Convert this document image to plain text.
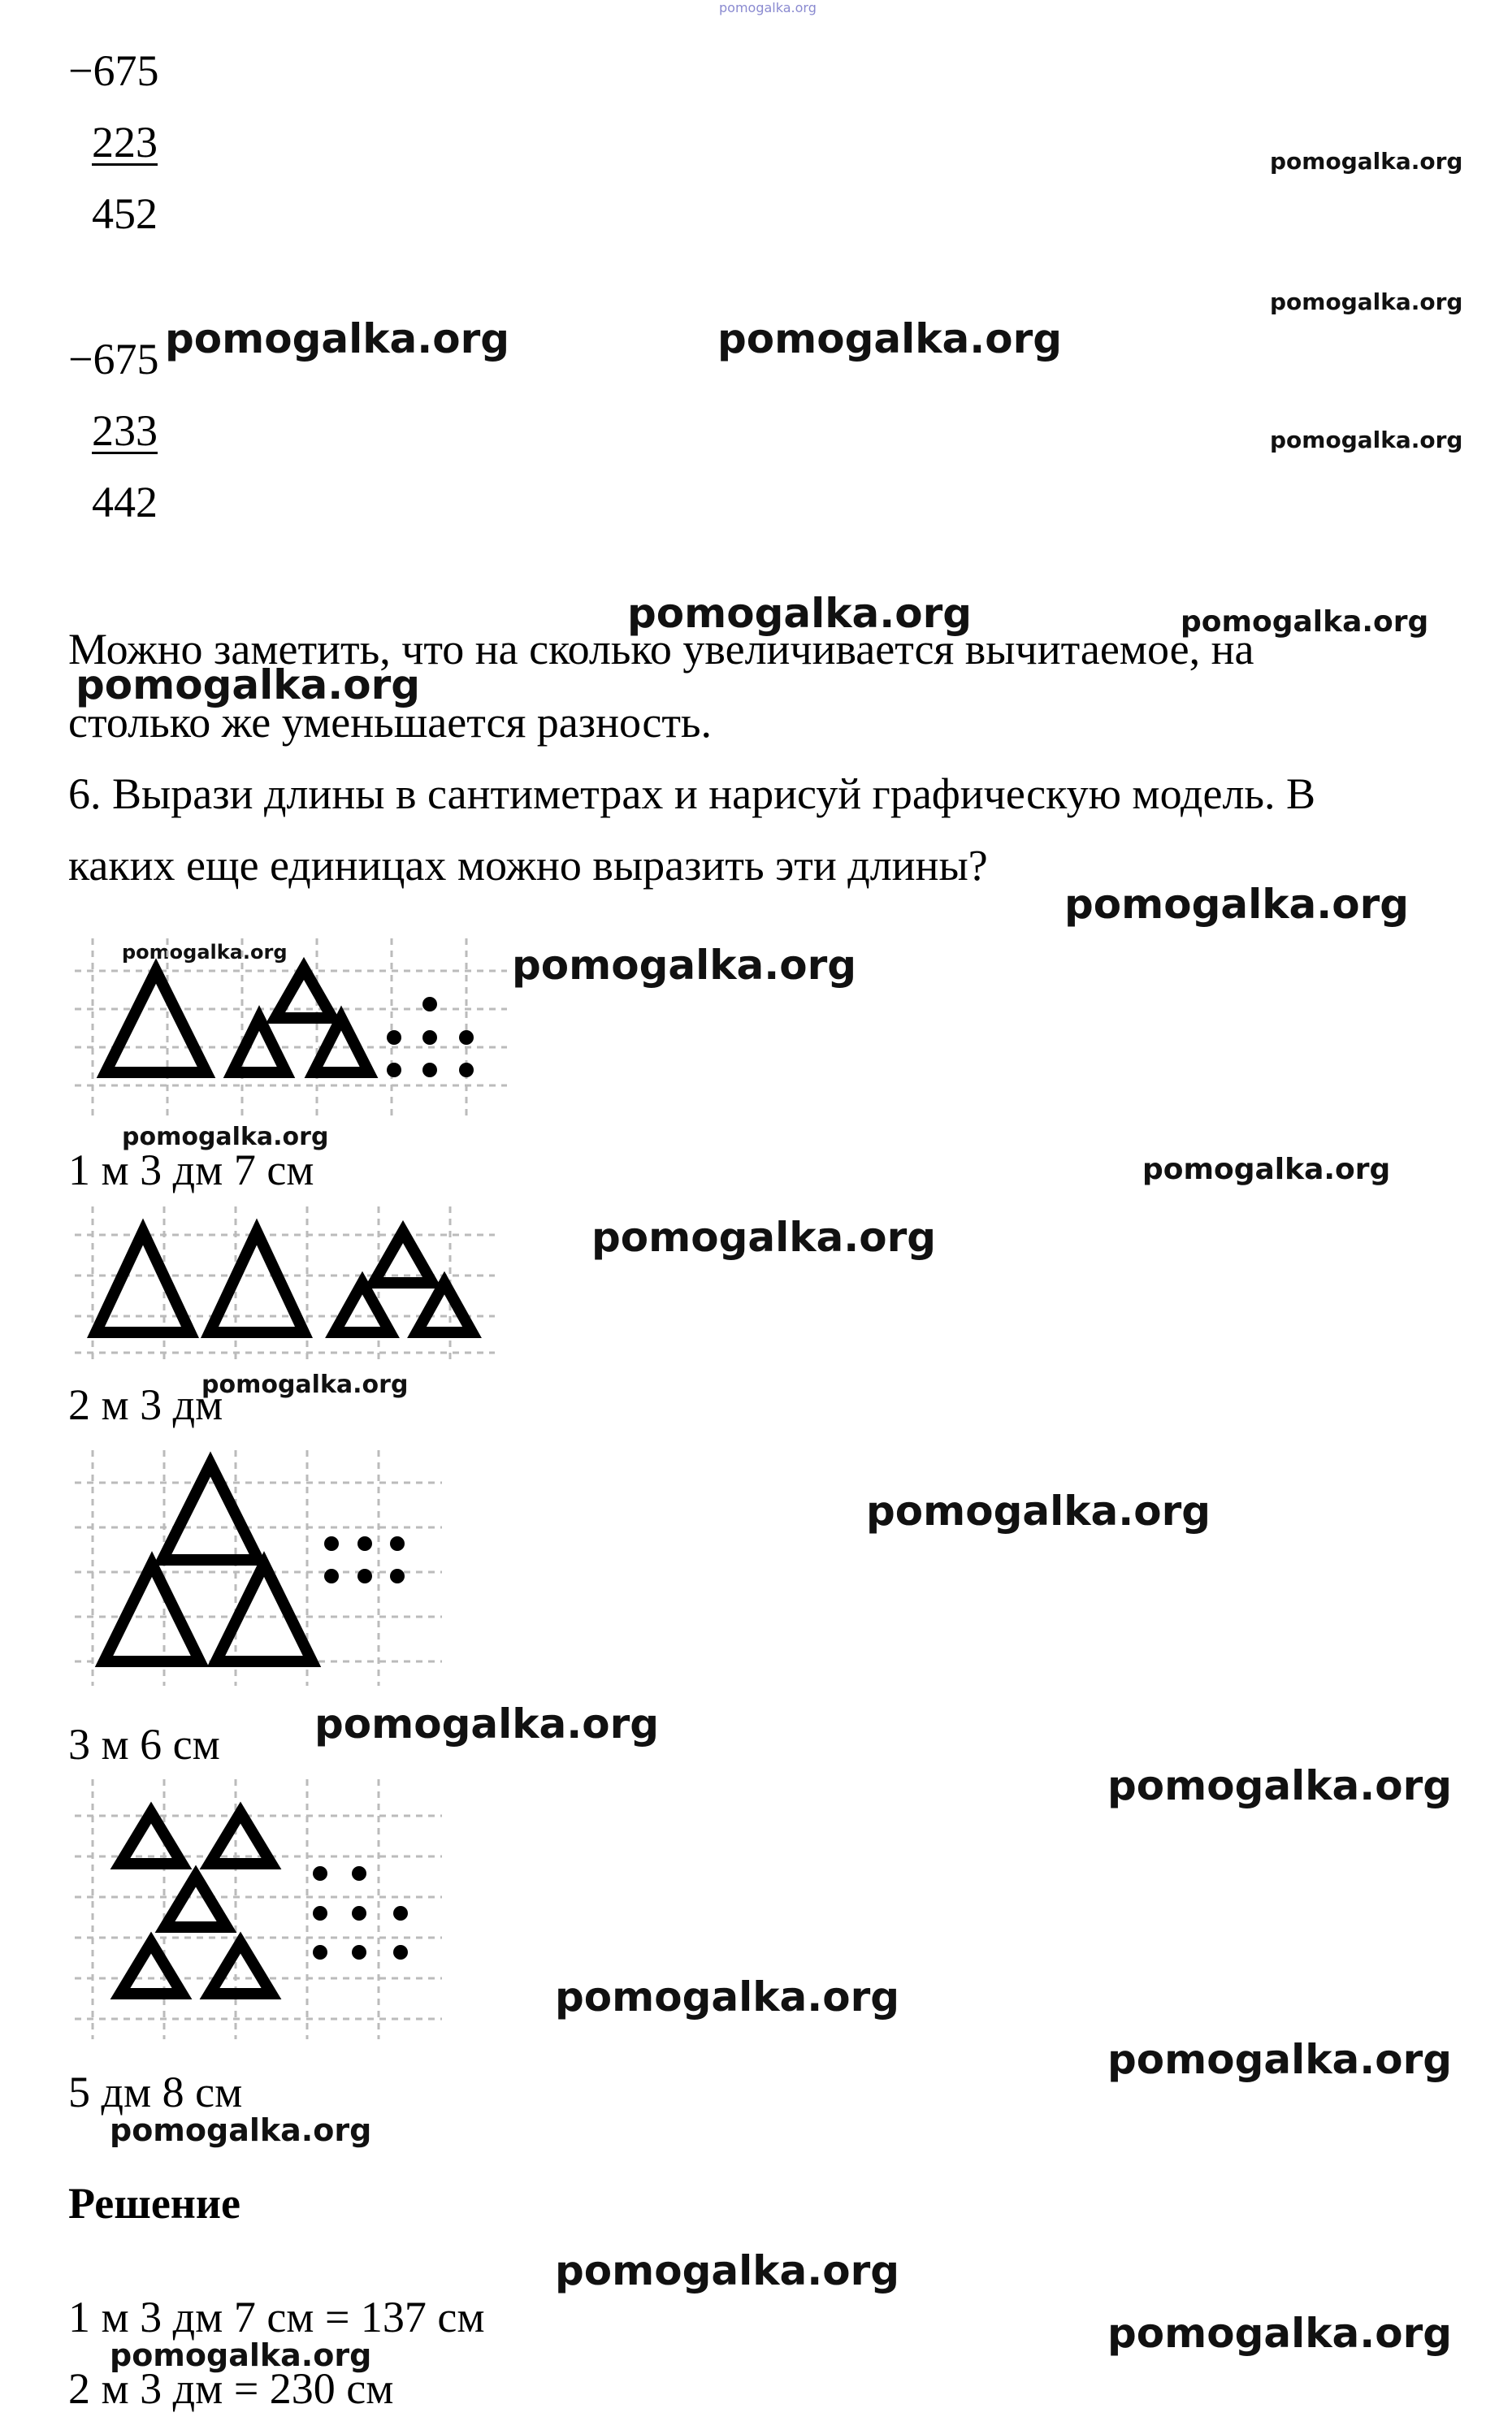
pomogalka.org
pomogalka.org
pomogalka.org
pomogalka.org
pomogalka.org	pomogalka.org
pomogalka.org	pomogalka.org
pomogalka.org
pomogalka.org
pomogalka.org	pomogalka.org
pomogalka.org
pomogalka.org
pomogalka.org
pomogalka.org
pomogalka.org
pomogalka.org
pomogalka.org
pomogalka.org
pomogalka.org
pomogalka.org
pomogalka.org
pomogalka.org
pomogalka.org
−675
223
452
−675
233
442
Можно заметить, что на сколько увеличивается вычитаемое, на
столько же уменьшается разность.
6. Вырази длины в сантиметрах и нарисуй графическую модель. В
каких еще единицах можно выразить эти длины?
1 м 3 дм 7 см
2 м 3 дм
3 м 6 см
5 дм 8 см
Решение
1 м 3 дм 7 см = 137 см
2 м 3 дм = 230 см
